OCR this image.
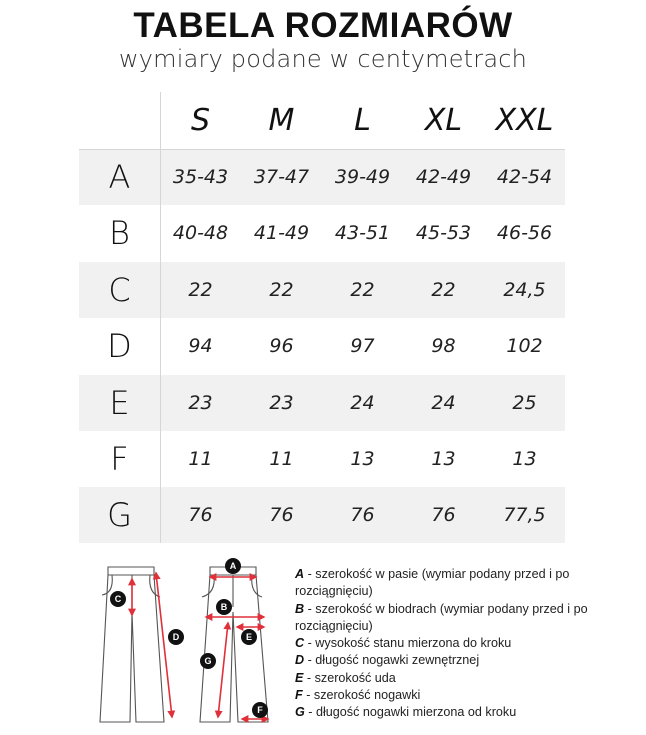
TABELA ROZMIARÓW
wymiary podane w centymetrach
S	M	L	XL	XXL
A	35-43	37-47	39-49	42-49	42-54
B	40-48	41-49	43-51	45-53	46-56
C	22	22	22	22	24,5
D	94	96	97	98	102
E	23	23	24	24	25
F	11	11	13	13	13
G	76	76	76	76	77,5
C
D
A
B
E
G
F
A - szerokość w pasie (wymiar podany przed i po rozciągnięciu)
B - szerokość w biodrach (wymiar podany przed i po rozciągnięciu)
C - wysokość stanu mierzona do kroku
D - długość nogawki zewnętrznej
E - szerokość uda
F - szerokość nogawki
G - długość nogawki mierzona od kroku
